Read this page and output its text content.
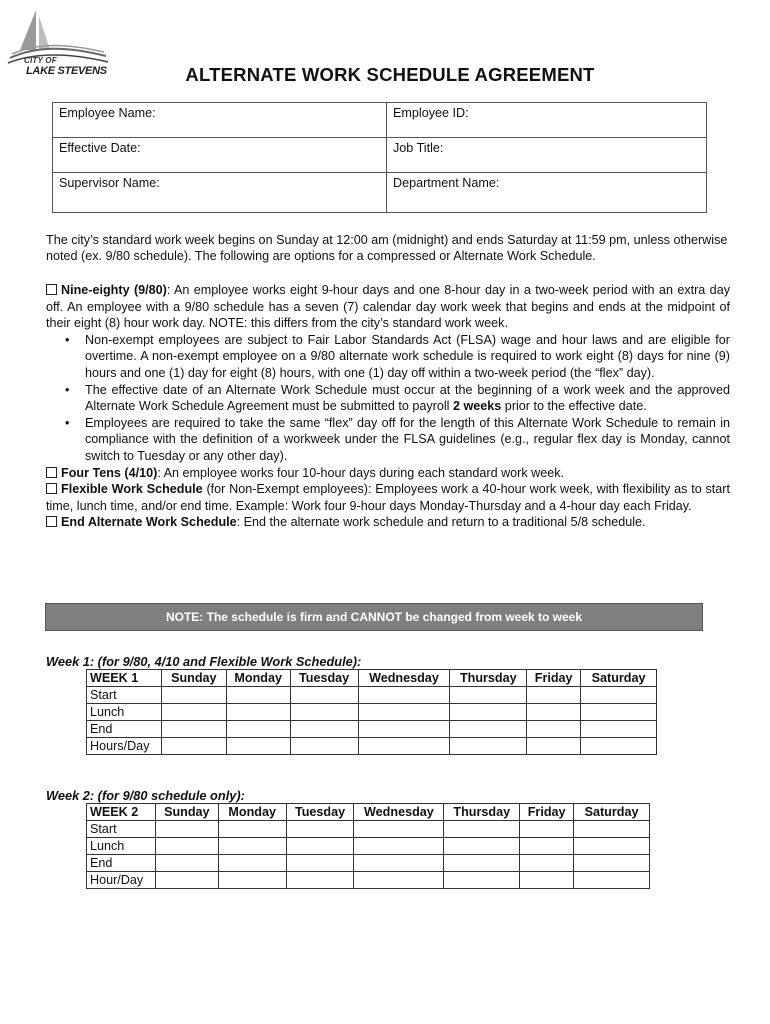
CITY OF
LAKE STEVENS	ALTERNATE WORK SCHEDULE AGREEMENT
Employee Name:	Employee ID:
Effective Date:	Job Title:
Supervisor Name:	Department Name:

The city’s standard work week begins on Sunday at 12:00 am (midnight) and ends Saturday at 11:59 pm, unless otherwise noted (ex. 9/80 schedule). The following are options for a compressed or Alternate Work Schedule.

Nine-eighty (9/80): An employee works eight 9-hour days and one 8-hour day in a two-week period with an extra day off. An employee with a 9/80 schedule has a seven (7) calendar day work week that begins and ends at the midpoint of their eight (8) hour work day. NOTE: this differs from the city’s standard work week.
• Non-exempt employees are subject to Fair Labor Standards Act (FLSA) wage and hour laws and are eligible for overtime. A non-exempt employee on a 9/80 alternate work schedule is required to work eight (8) days for nine (9) hours and one (1) day for eight (8) hours, with one (1) day off within a two-week period (the “flex” day).
• The effective date of an Alternate Work Schedule must occur at the beginning of a work week and the approved Alternate Work Schedule Agreement must be submitted to payroll 2 weeks prior to the effective date.
• Employees are required to take the same “flex” day off for the length of this Alternate Work Schedule to remain in compliance with the definition of a workweek under the FLSA guidelines (e.g., regular flex day is Monday, cannot switch to Tuesday or any other day).
Four Tens (4/10): An employee works four 10-hour days during each standard work week.
Flexible Work Schedule (for Non-Exempt employees): Employees work a 40-hour work week, with flexibility as to start time, lunch time, and/or end time. Example: Work four 9-hour days Monday-Thursday and a 4-hour day each Friday.
End Alternate Work Schedule: End the alternate work schedule and return to a traditional 5/8 schedule.
NOTE: The schedule is firm and CANNOT be changed from week to week
Week 1: (for 9/80, 4/10 and Flexible Work Schedule):
WEEK 1	Sunday	Monday	Tuesday	Wednesday	Thursday	Friday	Saturday
Start							
Lunch							
End							
Hours/Day							
Week 2: (for 9/80 schedule only):
WEEK 2	Sunday	Monday	Tuesday	Wednesday	Thursday	Friday	Saturday
Start							
Lunch							
End							
Hour/Day							
